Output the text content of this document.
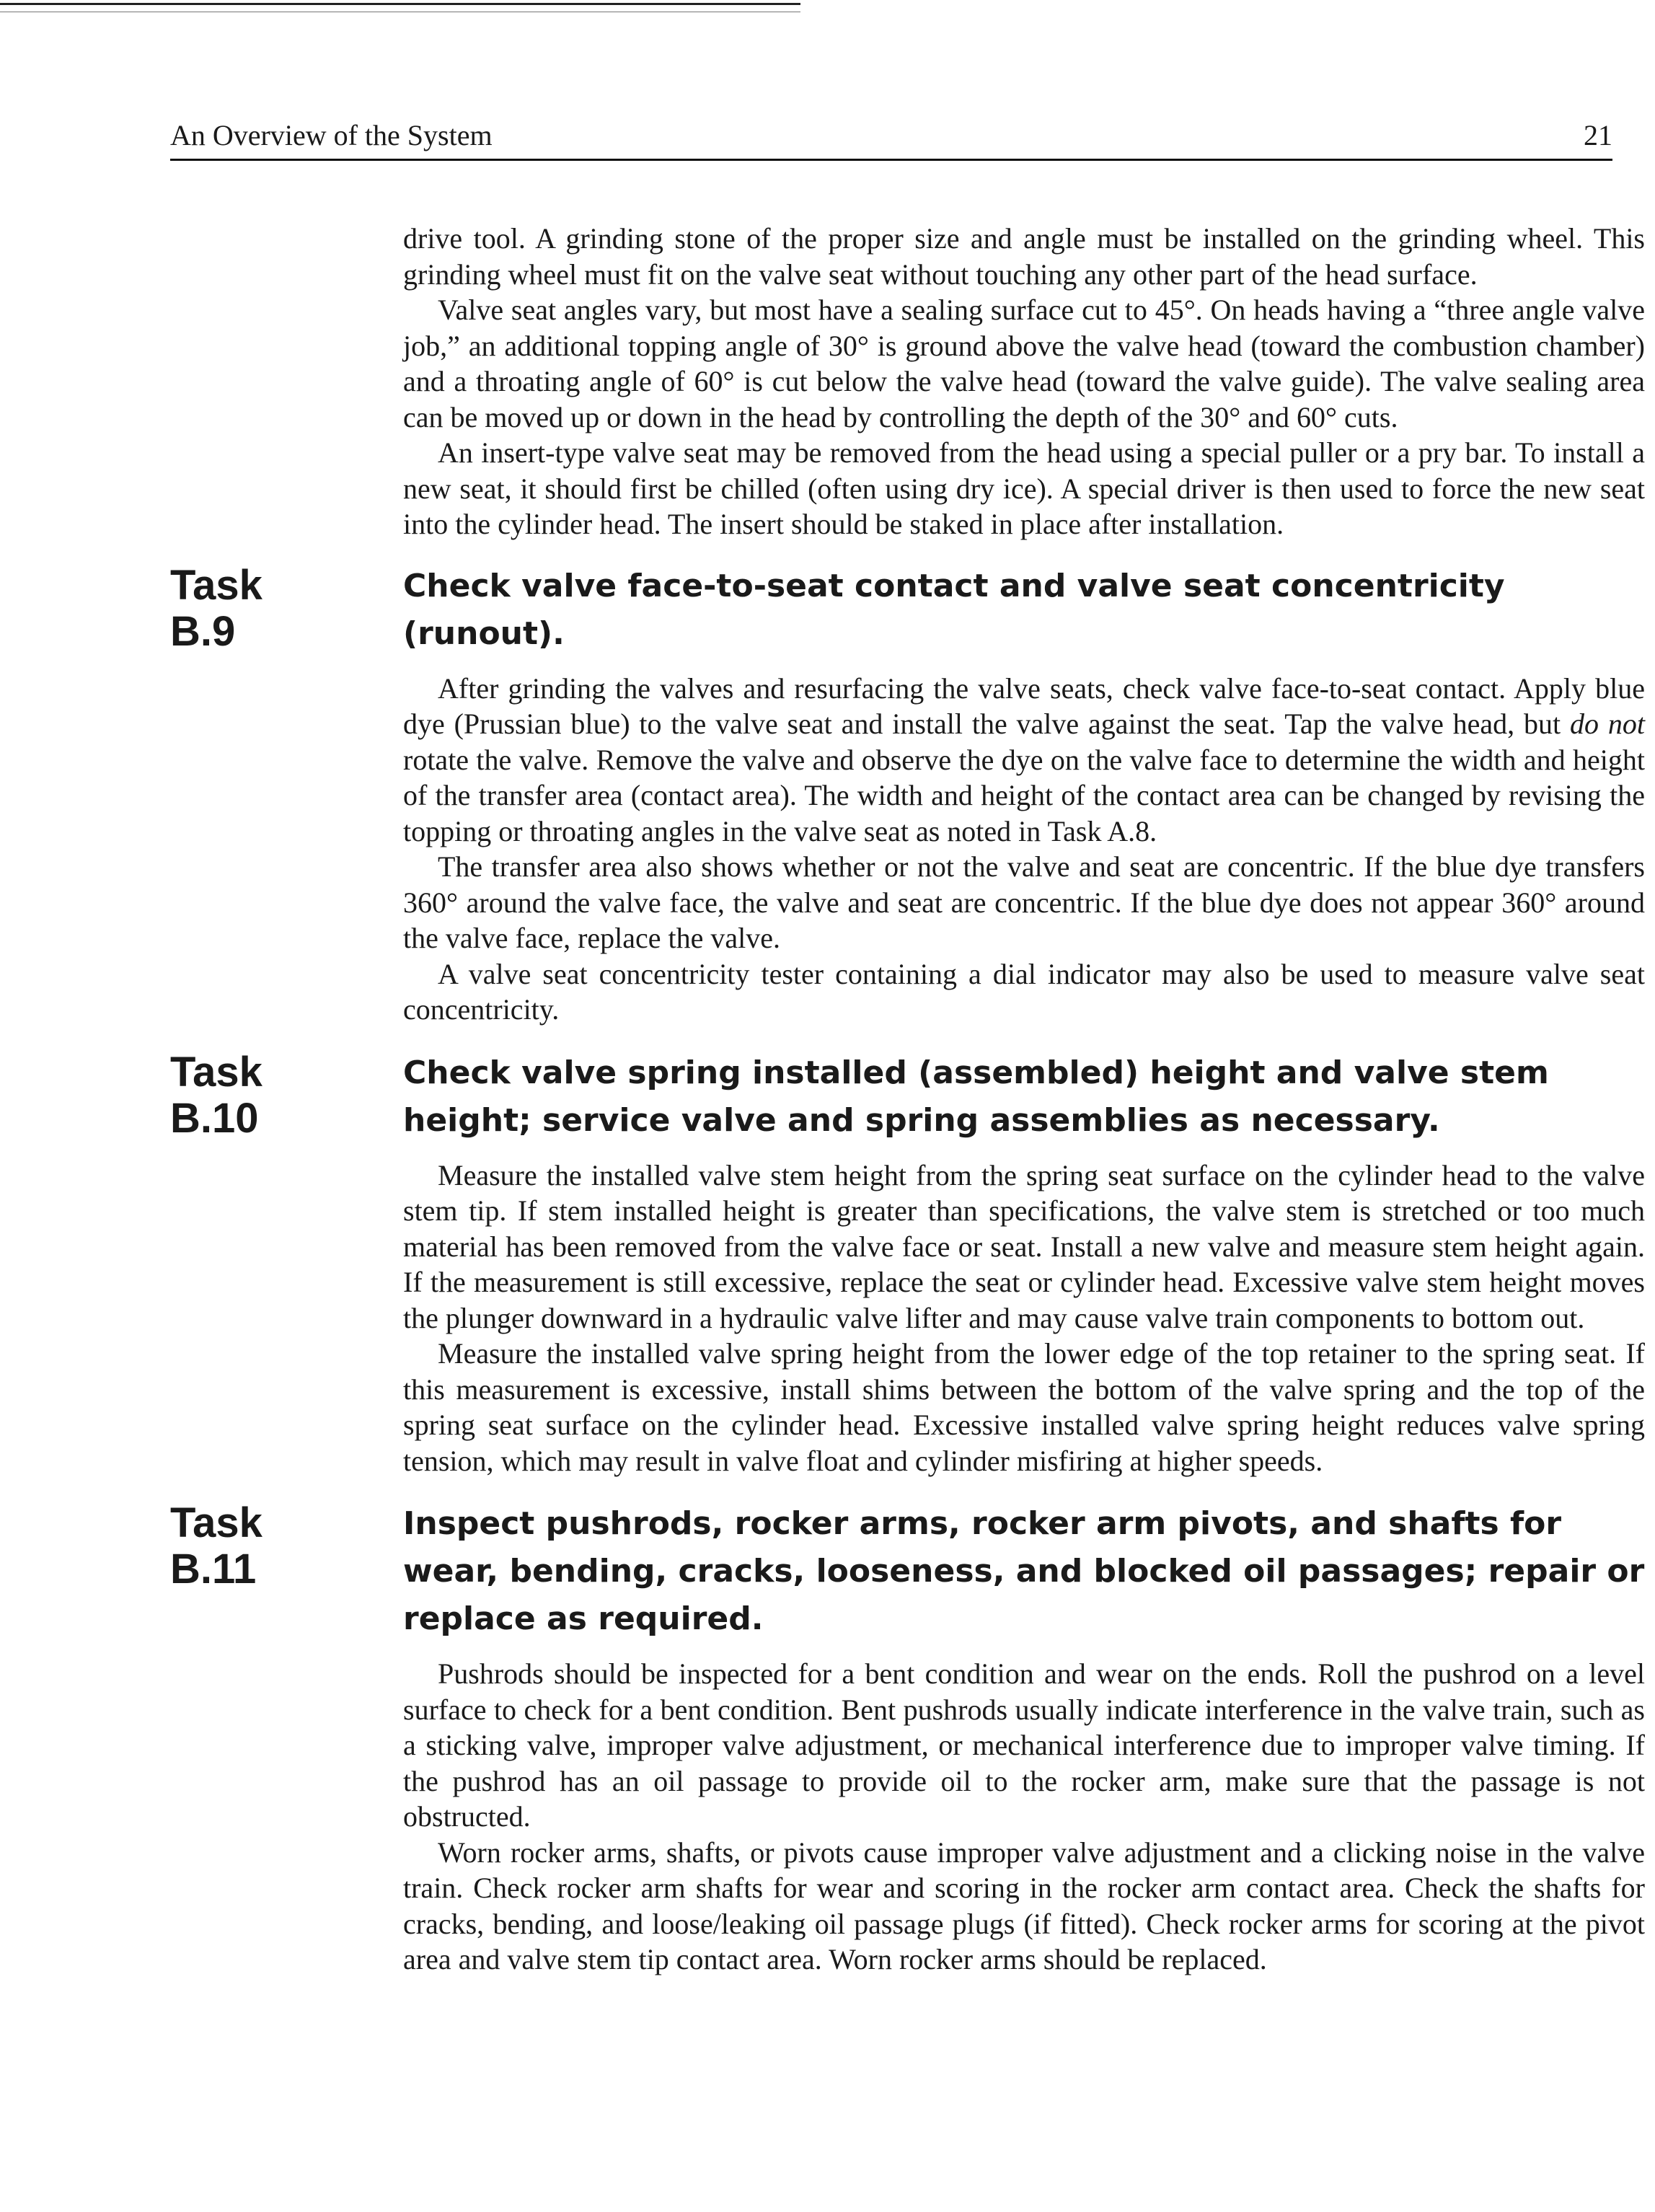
An Overview of the System	21

drive tool. A grinding stone of the proper size and angle must be installed on the grinding wheel. This grinding wheel must fit on the valve seat without touching any other part of the head surface.

Valve seat angles vary, but most have a sealing surface cut to 45°. On heads having a “three angle valve job,” an additional topping angle of 30° is ground above the valve head (toward the combustion chamber) and a throating angle of 60° is cut below the valve head (toward the valve guide). The valve sealing area can be moved up or down in the head by controlling the depth of the 30° and 60° cuts.

An insert-type valve seat may be removed from the head using a special puller or a pry bar. To install a new seat, it should first be chilled (often using dry ice). A special driver is then used to force the new seat into the cylinder head. The insert should be staked in place after installation.

Task
B.9
Check valve face-to-seat contact and valve seat concentricity (runout).

After grinding the valves and resurfacing the valve seats, check valve face-to-seat contact. Apply blue dye (Prussian blue) to the valve seat and install the valve against the seat. Tap the valve head, but do not rotate the valve. Remove the valve and observe the dye on the valve face to determine the width and height of the transfer area (contact area). The width and height of the contact area can be changed by revising the topping or throating angles in the valve seat as noted in Task A.8.

The transfer area also shows whether or not the valve and seat are concentric. If the blue dye transfers 360° around the valve face, the valve and seat are concentric. If the blue dye does not appear 360° around the valve face, replace the valve.

A valve seat concentricity tester containing a dial indicator may also be used to measure valve seat concentricity.

Task
B.10
Check valve spring installed (assembled) height and valve stem height; service valve and spring assemblies as necessary.

Measure the installed valve stem height from the spring seat surface on the cylinder head to the valve stem tip. If stem installed height is greater than specifications, the valve stem is stretched or too much material has been removed from the valve face or seat. Install a new valve and measure stem height again. If the measurement is still excessive, replace the seat or cylinder head. Excessive valve stem height moves the plunger downward in a hydraulic valve lifter and may cause valve train components to bottom out.

Measure the installed valve spring height from the lower edge of the top retainer to the spring seat. If this measurement is excessive, install shims between the bottom of the valve spring and the top of the spring seat surface on the cylinder head. Excessive installed valve spring height reduces valve spring tension, which may result in valve float and cylinder misfiring at higher speeds.

Task
B.11
Inspect pushrods, rocker arms, rocker arm pivots, and shafts for wear, bending, cracks, looseness, and blocked oil passages; repair or replace as required.

Pushrods should be inspected for a bent condition and wear on the ends. Roll the pushrod on a level surface to check for a bent condition. Bent pushrods usually indicate interference in the valve train, such as a sticking valve, improper valve adjustment, or mechanical interference due to improper valve timing. If the pushrod has an oil passage to provide oil to the rocker arm, make sure that the passage is not obstructed.

Worn rocker arms, shafts, or pivots cause improper valve adjustment and a clicking noise in the valve train. Check rocker arm shafts for wear and scoring in the rocker arm contact area. Check the shafts for cracks, bending, and loose/leaking oil passage plugs (if fitted). Check rocker arms for scoring at the pivot area and valve stem tip contact area. Worn rocker arms should be replaced.
